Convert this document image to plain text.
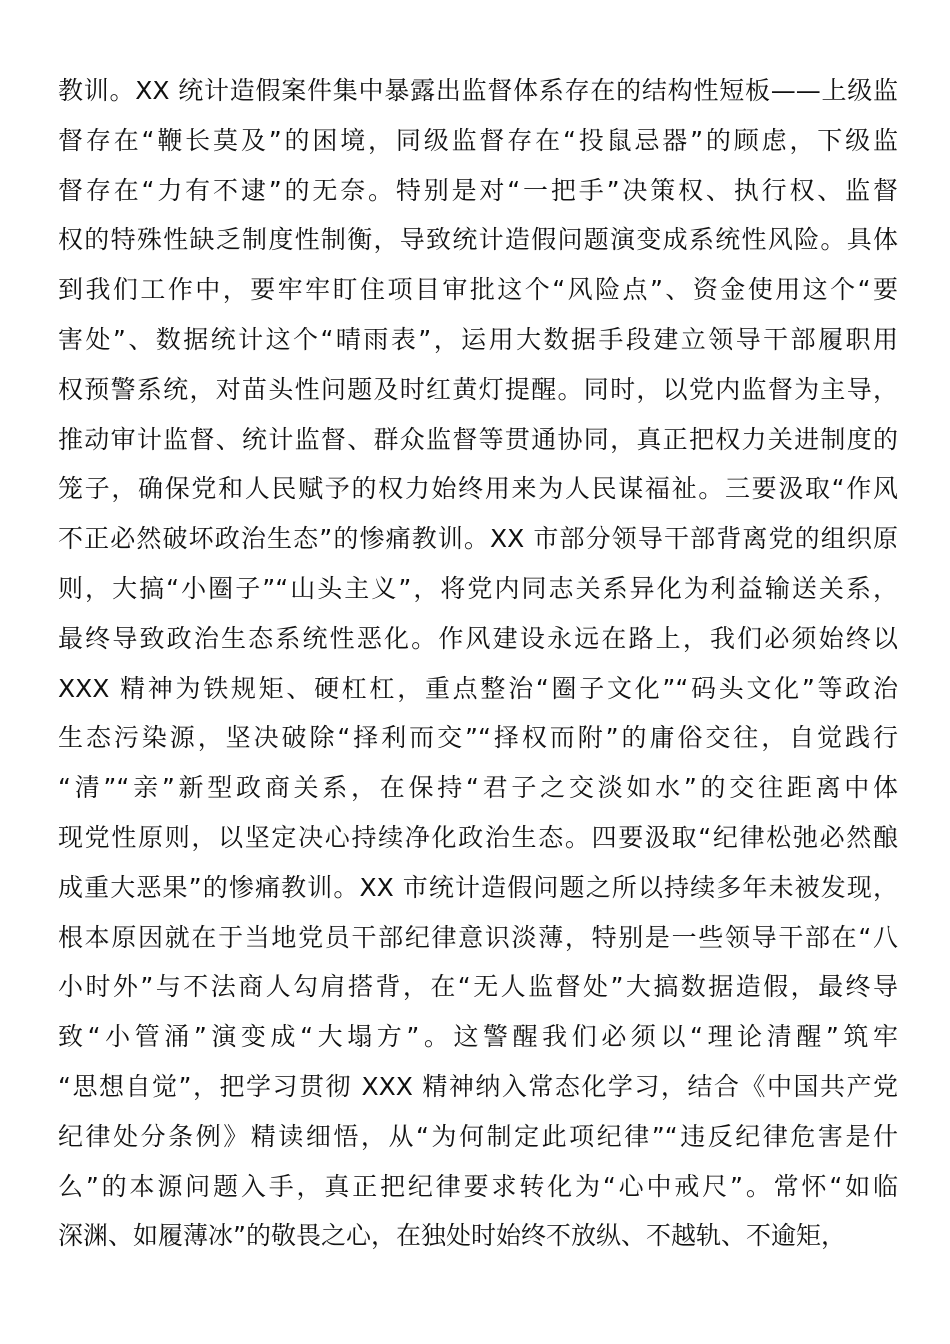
教训。XX 统计造假案件集中暴露出监督体系存在的结构性短板——上级监
督存在“鞭长莫及”的困境，同级监督存在“投鼠忌器”的顾虑，下级监
督存在“力有不逮”的无奈。特别是对“一把手”决策权、执行权、监督
权的特殊性缺乏制度性制衡，导致统计造假问题演变成系统性风险。具体
到我们工作中，要牢牢盯住项目审批这个“风险点”、资金使用这个“要
害处”、数据统计这个“晴雨表”，运用大数据手段建立领导干部履职用
权预警系统，对苗头性问题及时红黄灯提醒。同时，以党内监督为主导，
推动审计监督、统计监督、群众监督等贯通协同，真正把权力关进制度的
笼子，确保党和人民赋予的权力始终用来为人民谋福祉。三要汲取“作风
不正必然破坏政治生态”的惨痛教训。XX 市部分领导干部背离党的组织原
则，大搞“小圈子”“山头主义”，将党内同志关系异化为利益输送关系，
最终导致政治生态系统性恶化。作风建设永远在路上，我们必须始终以
XXX 精神为铁规矩、硬杠杠，重点整治“圈子文化”“码头文化”等政治
生态污染源，坚决破除“择利而交”“择权而附”的庸俗交往，自觉践行
“清”“亲”新型政商关系，在保持“君子之交淡如水”的交往距离中体
现党性原则，以坚定决心持续净化政治生态。四要汲取“纪律松弛必然酿
成重大恶果”的惨痛教训。XX 市统计造假问题之所以持续多年未被发现，
根本原因就在于当地党员干部纪律意识淡薄，特别是一些领导干部在“八
小时外”与不法商人勾肩搭背，在“无人监督处”大搞数据造假，最终导
致“小管涌”演变成“大塌方”。这警醒我们必须以“理论清醒”筑牢
“思想自觉”，把学习贯彻 XXX 精神纳入常态化学习，结合《中国共产党
纪律处分条例》精读细悟，从“为何制定此项纪律”“违反纪律危害是什
么”的本源问题入手，真正把纪律要求转化为“心中戒尺”。常怀“如临
深渊、如履薄冰”的敬畏之心，在独处时始终不放纵、不越轨、不逾矩，
